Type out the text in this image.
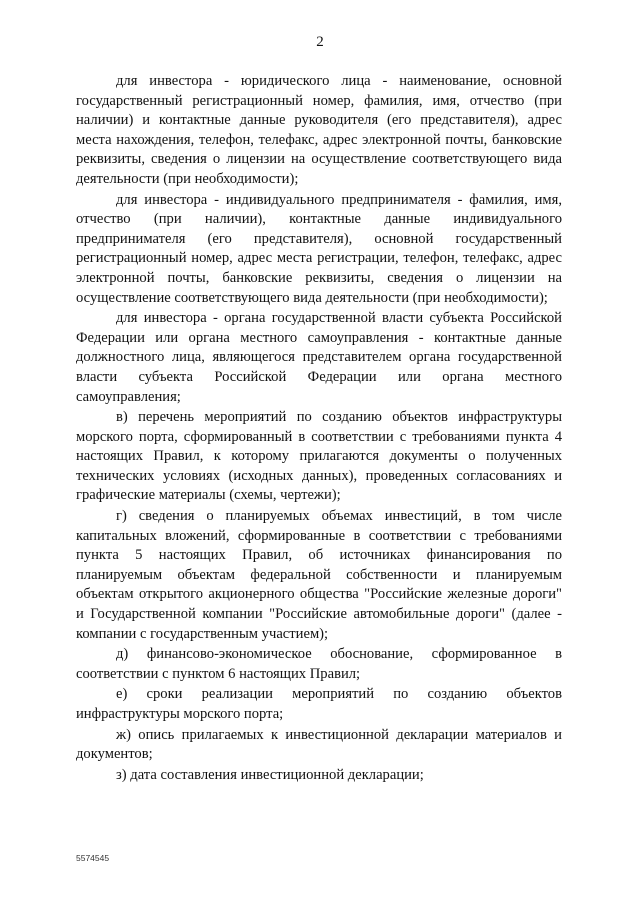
2

для инвестора - юридического лица - наименование, основной государственный регистрационный номер, фамилия, имя, отчество (при наличии) и контактные данные руководителя (его представителя), адрес места нахождения, телефон, телефакс, адрес электронной почты, банковские реквизиты, сведения о лицензии на осуществление соответствующего вида деятельности (при необходимости);

для инвестора - индивидуального предпринимателя - фамилия, имя, отчество (при наличии), контактные данные индивидуального предпринимателя (его представителя), основной государственный регистрационный номер, адрес места регистрации, телефон, телефакс, адрес электронной почты, банковские реквизиты, сведения о лицензии на осуществление соответствующего вида деятельности (при необходимости);

для инвестора - органа государственной власти субъекта Российской Федерации или органа местного самоуправления - контактные данные должностного лица, являющегося представителем органа государственной власти субъекта Российской Федерации или органа местного самоуправления;

в) перечень мероприятий по созданию объектов инфраструктуры морского порта, сформированный в соответствии с требованиями пункта 4 настоящих Правил, к которому прилагаются документы о полученных технических условиях (исходных данных), проведенных согласованиях и графические материалы (схемы, чертежи);

г) сведения о планируемых объемах инвестиций, в том числе капитальных вложений, сформированные в соответствии с требованиями пункта 5 настоящих Правил, об источниках финансирования по планируемым объектам федеральной собственности и планируемым объектам открытого акционерного общества "Российские железные дороги" и Государственной компании "Российские автомобильные дороги" (далее - компании с государственным участием);

д) финансово-экономическое обоснование, сформированное в соответствии с пунктом 6 настоящих Правил;

е) сроки реализации мероприятий по созданию объектов инфраструктуры морского порта;

ж) опись прилагаемых к инвестиционной декларации материалов и документов;

з) дата составления инвестиционной декларации;

5574545
